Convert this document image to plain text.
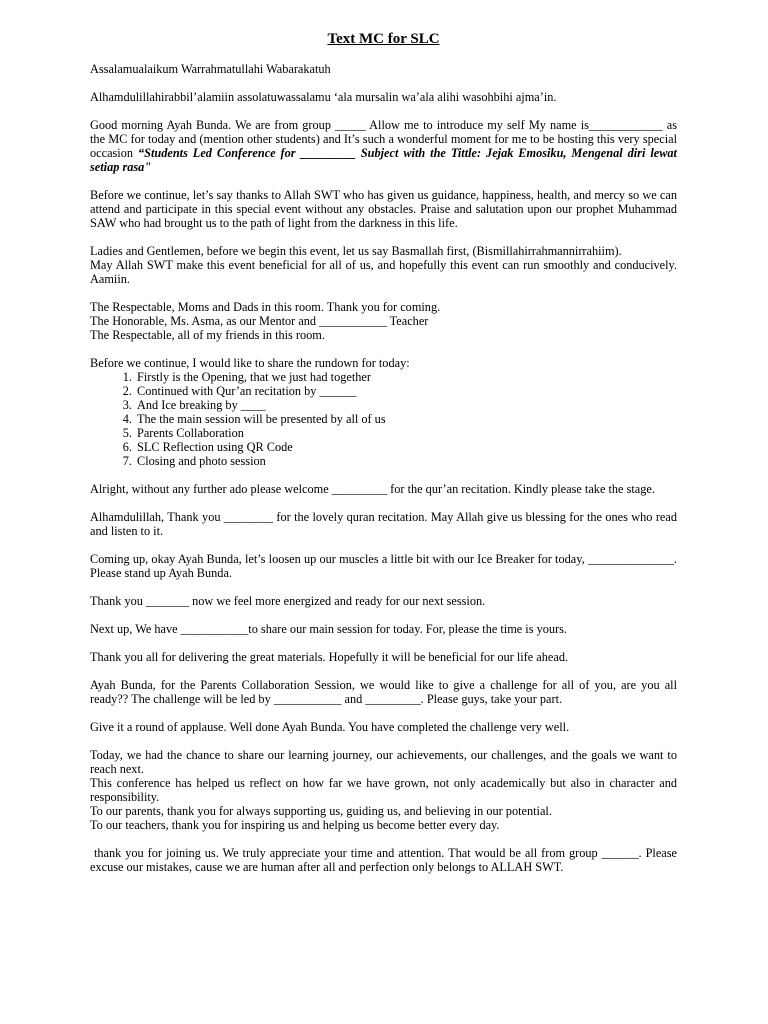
Text MC for SLC

Assalamualaikum Warrahmatullahi Wabarakatuh

Alhamdulillahirabbil’alamiin assolatuwassalamu ‘ala mursalin wa’ala alihi wasohbihi ajma’in.

Good morning Ayah Bunda. We are from group _____ Allow me to introduce my self My name is____________ as the MC for today and (mention other students) and It’s such a wonderful moment for me to be hosting this very special occasion “Students Led Conference for _________ Subject with the Tittle: Jejak Emosiku, Mengenal diri lewat setiap rasa"

Before we continue, let’s say thanks to Allah SWT who has given us guidance, happiness, health, and mercy so we can attend and participate in this special event without any obstacles. Praise and salutation upon our prophet Muhammad SAW who had brought us to the path of light from the darkness in this life.

Ladies and Gentlemen, before we begin this event, let us say Basmallah first, (Bismillahirrahmannirrahiim).
May Allah SWT make this event beneficial for all of us, and hopefully this event can run smoothly and conducively. Aamiin.

The Respectable, Moms and Dads in this room. Thank you for coming.
The Honorable, Ms. Asma, as our Mentor and ___________ Teacher
The Respectable, all of my friends in this room.

Before we continue, I would like to share the rundown for today:

1. Firstly is the Opening, that we just had together
2. Continued with Qur’an recitation by ______
3. And Ice breaking by ____
4. The the main session will be presented by all of us
5. Parents Collaboration
6. SLC Reflection using QR Code
7. Closing and photo session

Alright, without any further ado please welcome _________ for the qur’an recitation. Kindly please take the stage.

Alhamdulillah, Thank you ________ for the lovely quran recitation. May Allah give us blessing for the ones who read and listen to it.

Coming up, okay Ayah Bunda, let’s loosen up our muscles a little bit with our Ice Breaker for today, ______________. Please stand up Ayah Bunda.

Thank you _______ now we feel more energized and ready for our next session.

Next up, We have ___________to share our main session for today. For, please the time is yours.

Thank you all for delivering the great materials. Hopefully it will be beneficial for our life ahead.

Ayah Bunda, for the Parents Collaboration Session, we would like to give a challenge for all of you, are you all ready?? The challenge will be led by ___________ and _________. Please guys, take your part.

Give it a round of applause. Well done Ayah Bunda. You have completed the challenge very well.

Today, we had the chance to share our learning journey, our achievements, our challenges, and the goals we want to reach next.
This conference has helped us reflect on how far we have grown, not only academically but also in character and responsibility.
To our parents, thank you for always supporting us, guiding us, and believing in our potential.
To our teachers, thank you for inspiring us and helping us become better every day.

thank you for joining us. We truly appreciate your time and attention. That would be all from group ______. Please excuse our mistakes, cause we are human after all and perfection only belongs to ALLAH SWT.
